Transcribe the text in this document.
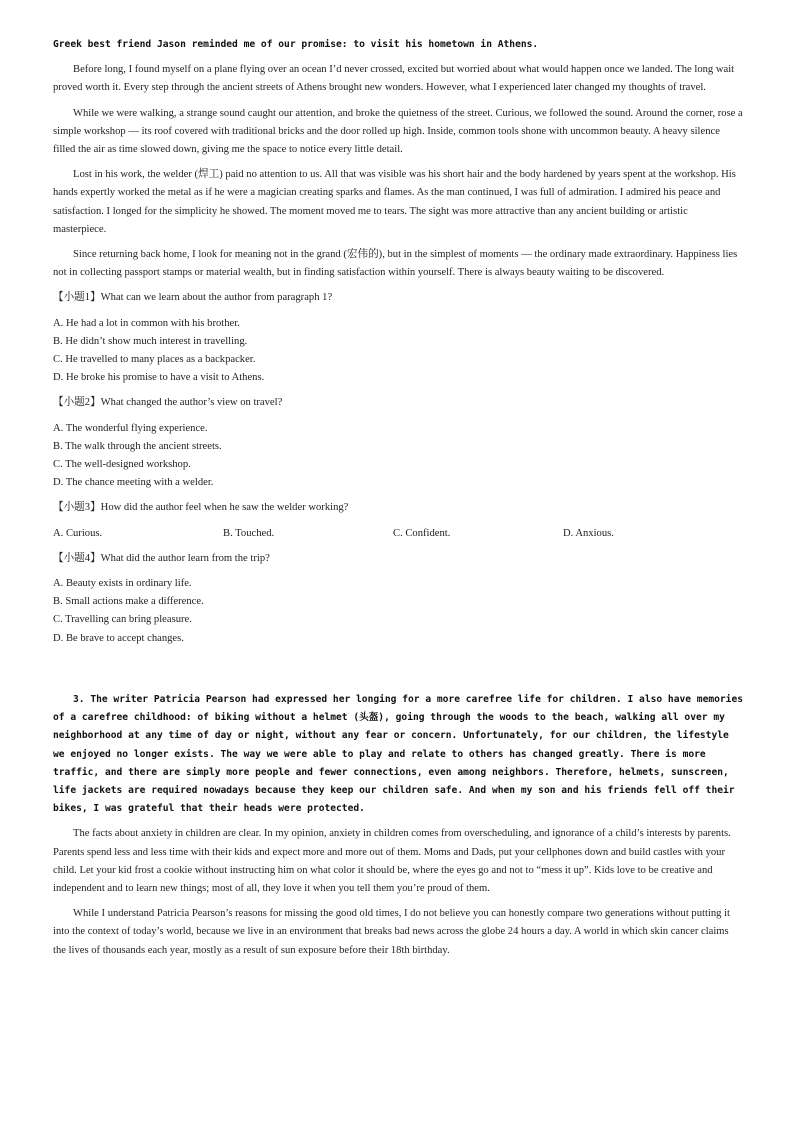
Greek best friend Jason reminded me of our promise: to visit his hometown in Athens.

Before long, I found myself on a plane flying over an ocean I’d never crossed, excited but worried about what would happen once we landed. The long wait proved worth it. Every step through the ancient streets of Athens brought new wonders. However, what I experienced later changed my thoughts of travel.

While we were walking, a strange sound caught our attention, and broke the quietness of the street. Curious, we followed the sound. Around the corner, rose a simple workshop — its roof covered with traditional bricks and the door rolled up high. Inside, common tools shone with uncommon beauty. A heavy silence filled the air as time slowed down, giving me the space to notice every little detail.

Lost in his work, the welder (焊工) paid no attention to us. All that was visible was his short hair and the body hardened by years spent at the workshop. His hands expertly worked the metal as if he were a magician creating sparks and flames. As the man continued, I was full of admiration. I admired his peace and satisfaction. I longed for the simplicity he showed. The moment moved me to tears. The sight was more attractive than any ancient building or artistic masterpiece.

Since returning back home, I look for meaning not in the grand (宏伟的), but in the simplest of moments — the ordinary made extraordinary. Happiness lies not in collecting passport stamps or material wealth, but in finding satisfaction within yourself. There is always beauty waiting to be discovered.

【小题1】What can we learn about the author from paragraph 1?

A. He had a lot in common with his brother.

B. He didn’t show much interest in travelling.

C. He travelled to many places as a backpacker.

D. He broke his promise to have a visit to Athens.

【小题2】What changed the author’s view on travel?

A. The wonderful flying experience.

B. The walk through the ancient streets.

C. The well-designed workshop.

D. The chance meeting with a welder.

【小题3】How did the author feel when he saw the welder working?

A. Curious.	B. Touched.	C. Confident.	D. Anxious.

【小题4】What did the author learn from the trip?

A. Beauty exists in ordinary life.

B. Small actions make a difference.

C. Travelling can bring pleasure.

D. Be brave to accept changes.

3. The writer Patricia Pearson had expressed her longing for a more carefree life for children. I also have memories of a carefree childhood: of biking without a helmet (头盔), going through the woods to the beach, walking all over my neighborhood at any time of day or night, without any fear or concern. Unfortunately, for our children, the lifestyle we enjoyed no longer exists. The way we were able to play and relate to others has changed greatly. There is more traffic, and there are simply more people and fewer connections, even among neighbors. Therefore, helmets, sunscreen, life jackets are required nowadays because they keep our children safe. And when my son and his friends fell off their bikes, I was grateful that their heads were protected.

The facts about anxiety in children are clear. In my opinion, anxiety in children comes from overscheduling, and ignorance of a child’s interests by parents. Parents spend less and less time with their kids and expect more and more out of them. Moms and Dads, put your cellphones down and build castles with your child. Let your kid frost a cookie without instructing him on what color it should be, where the eyes go and not to “mess it up”. Kids love to be creative and independent and to learn new things; most of all, they love it when you tell them you’re proud of them.

While I understand Patricia Pearson’s reasons for missing the good old times, I do not believe you can honestly compare two generations without putting it into the context of today’s world, because we live in an environment that breaks bad news across the globe 24 hours a day. A world in which skin cancer claims the lives of thousands each year, mostly as a result of sun exposure before their 18th birthday.
